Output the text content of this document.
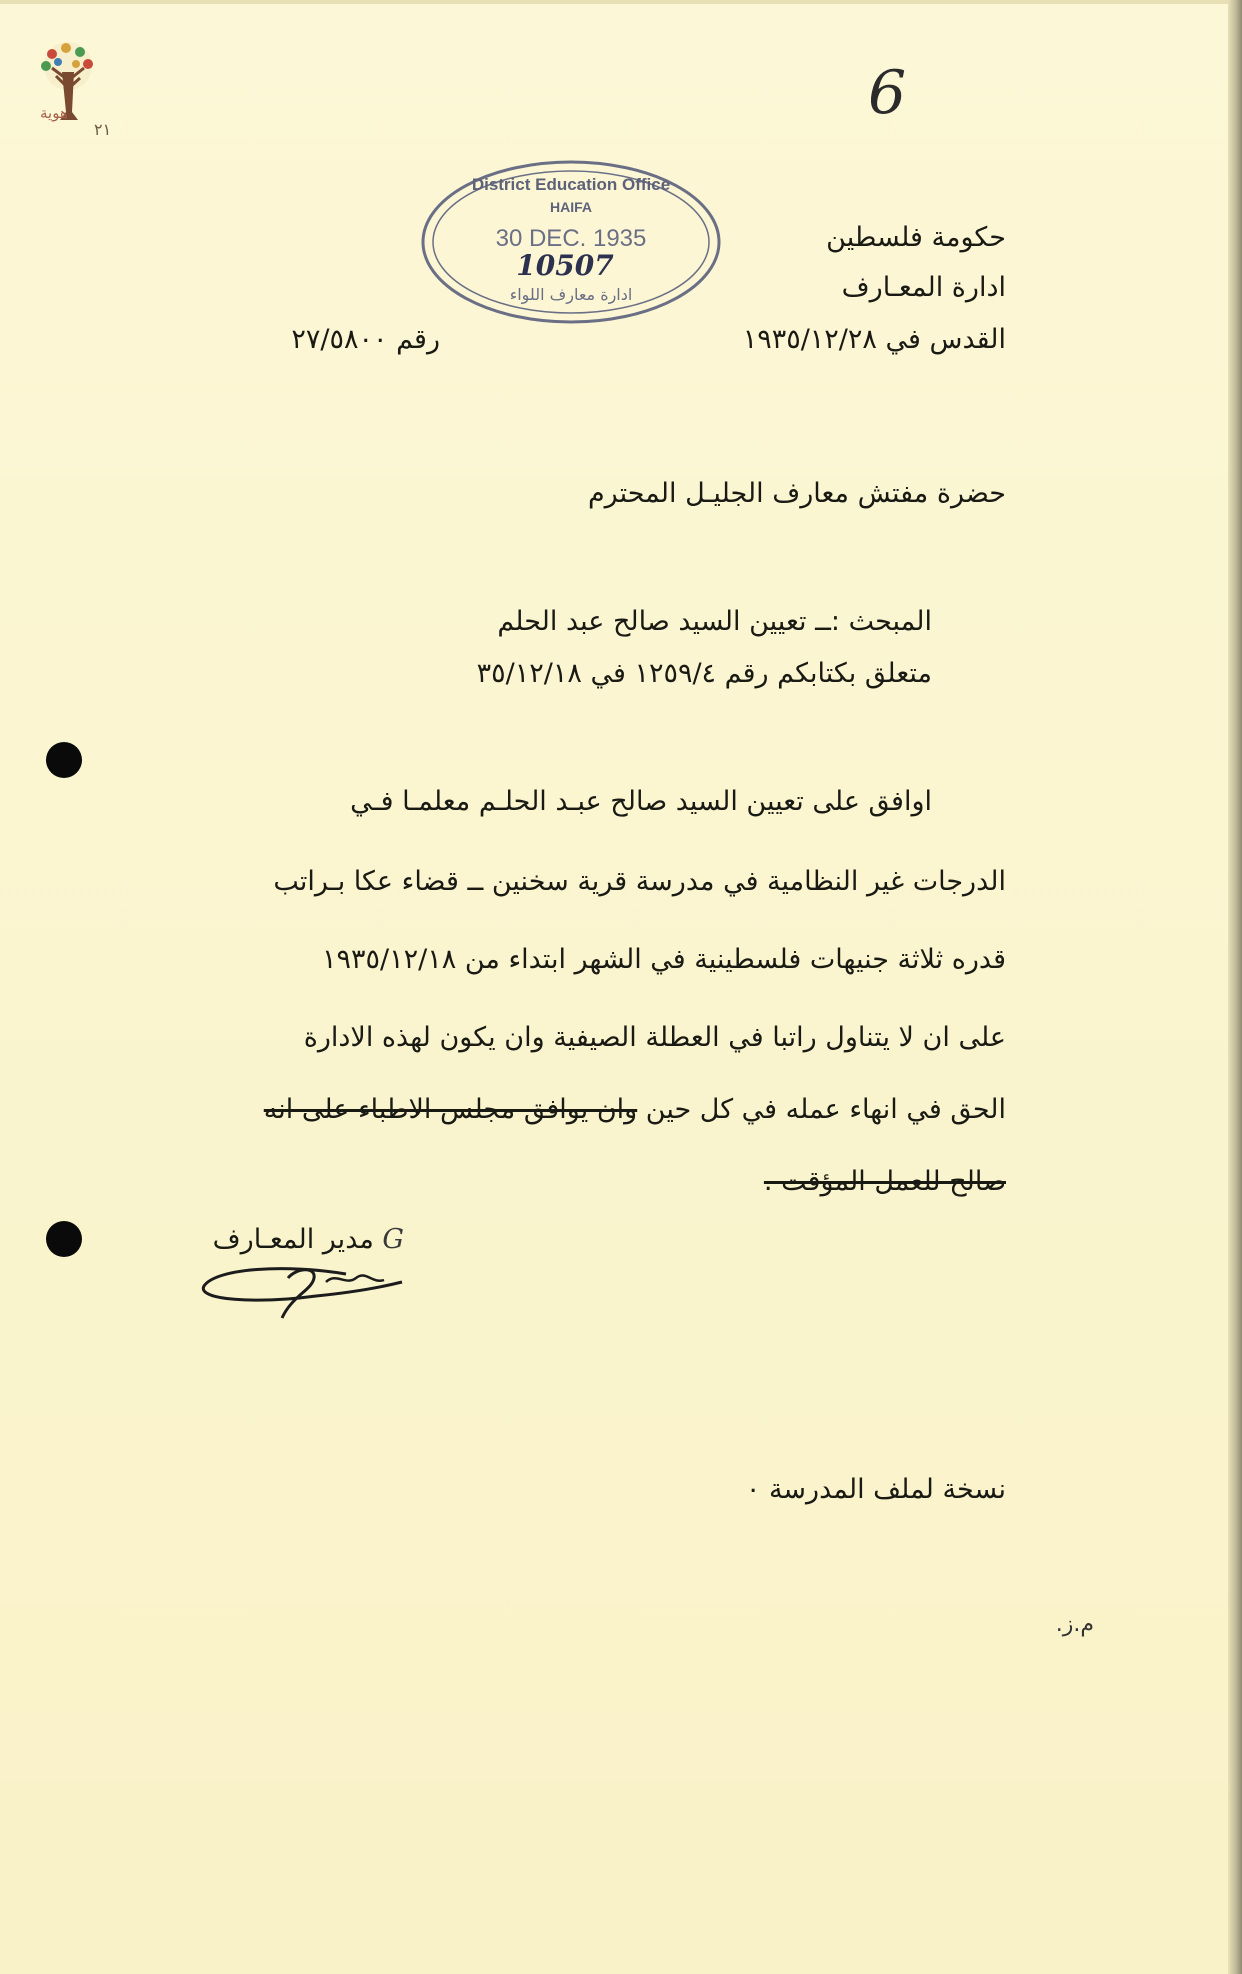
هوية
٢١
6
District Education Office
HAIFA
30 DEC. 1935
10507
ادارة معارف اللواء
حكومة فلسطين
ادارة المعـارف
القدس في ١٩٣٥/١٢/٢٨
رقم ٢٧/٥٨٠٠
حضرة مفتش معارف الجليـل المحترم
المبحث :ــ تعيين السيد صالح عبد الحلم
متعلق بكتابكم رقم ١٢٥٩/٤ في ٣٥/١٢/١٨
اوافق على تعيين السيد صالح عبـد الحلـم معلمـا فـي
الدرجات غير النظامية في مدرسة قرية سخنين ــ قضاء عكا بـراتب
قدره ثلاثة جنيهات فلسطينية في الشهر ابتداء من ١٩٣٥/١٢/١٨
على ان لا يتناول راتبا في العطلة الصيفية وان يكون لهذه الادارة
الحق في انهاء عمله في كل حين وان يوافق مجلس الاطباء على انه
صالح للعمل المؤقت .
G مدير المعـارف
نسخة لملف المدرسة ٠
م.ز.
